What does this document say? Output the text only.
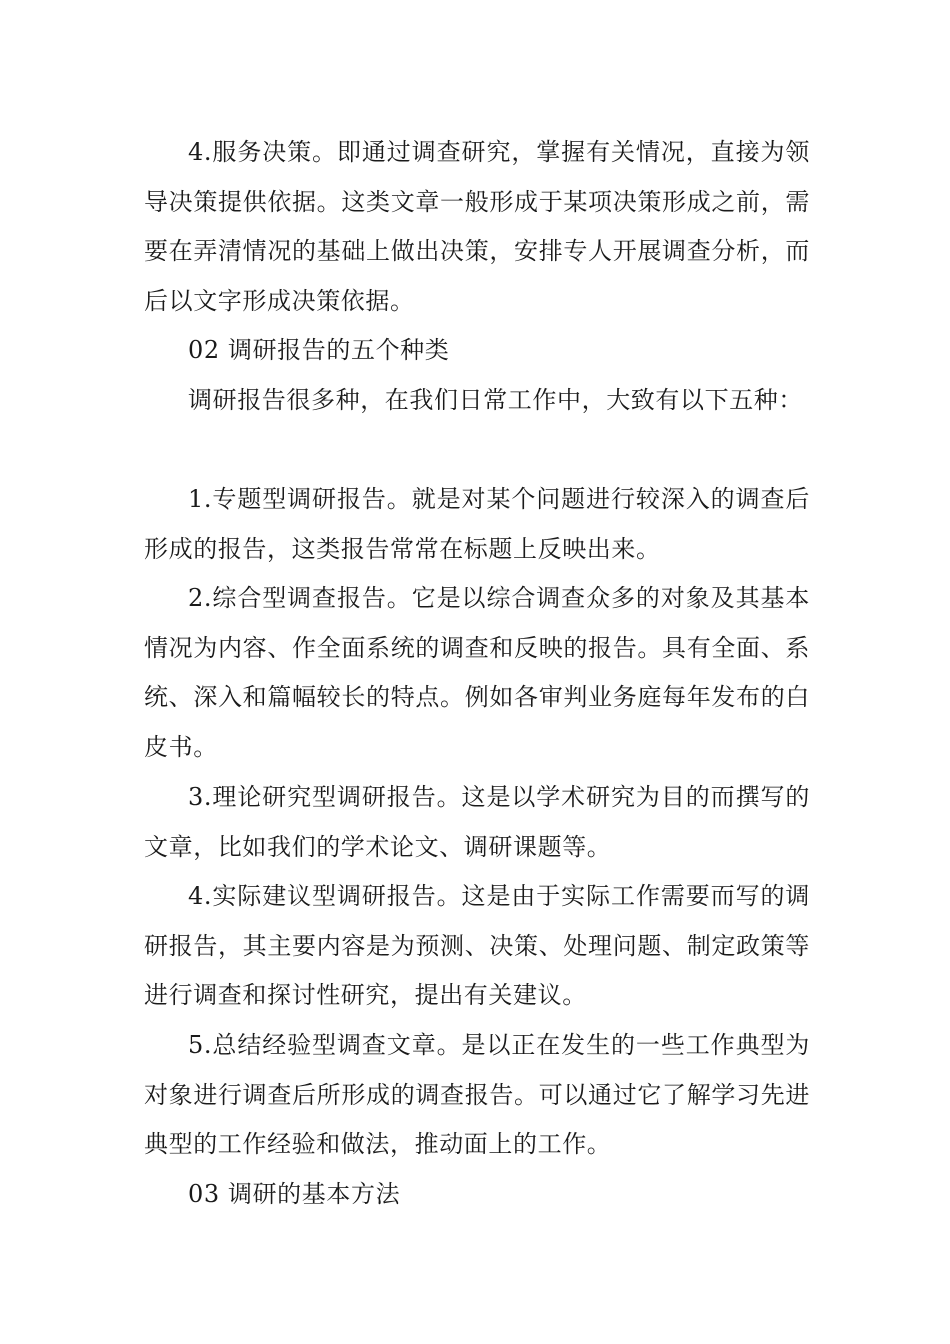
4.服务决策。即通过调查研究，掌握有关情况，直接为领导决策提供依据。这类文章一般形成于某项决策形成之前，需要在弄清情况的基础上做出决策，安排专人开展调查分析，而后以文字形成决策依据。

02 调研报告的五个种类

调研报告很多种，在我们日常工作中，大致有以下五种：

1.专题型调研报告。就是对某个问题进行较深入的调查后形成的报告，这类报告常常在标题上反映出来。

2.综合型调查报告。它是以综合调查众多的对象及其基本情况为内容、作全面系统的调查和反映的报告。具有全面、系统、深入和篇幅较长的特点。例如各审判业务庭每年发布的白皮书。

3.理论研究型调研报告。这是以学术研究为目的而撰写的文章，比如我们的学术论文、调研课题等。

4.实际建议型调研报告。这是由于实际工作需要而写的调研报告，其主要内容是为预测、决策、处理问题、制定政策等进行调查和探讨性研究，提出有关建议。

5.总结经验型调查文章。是以正在发生的一些工作典型为对象进行调查后所形成的调查报告。可以通过它了解学习先进典型的工作经验和做法，推动面上的工作。

03 调研的基本方法
